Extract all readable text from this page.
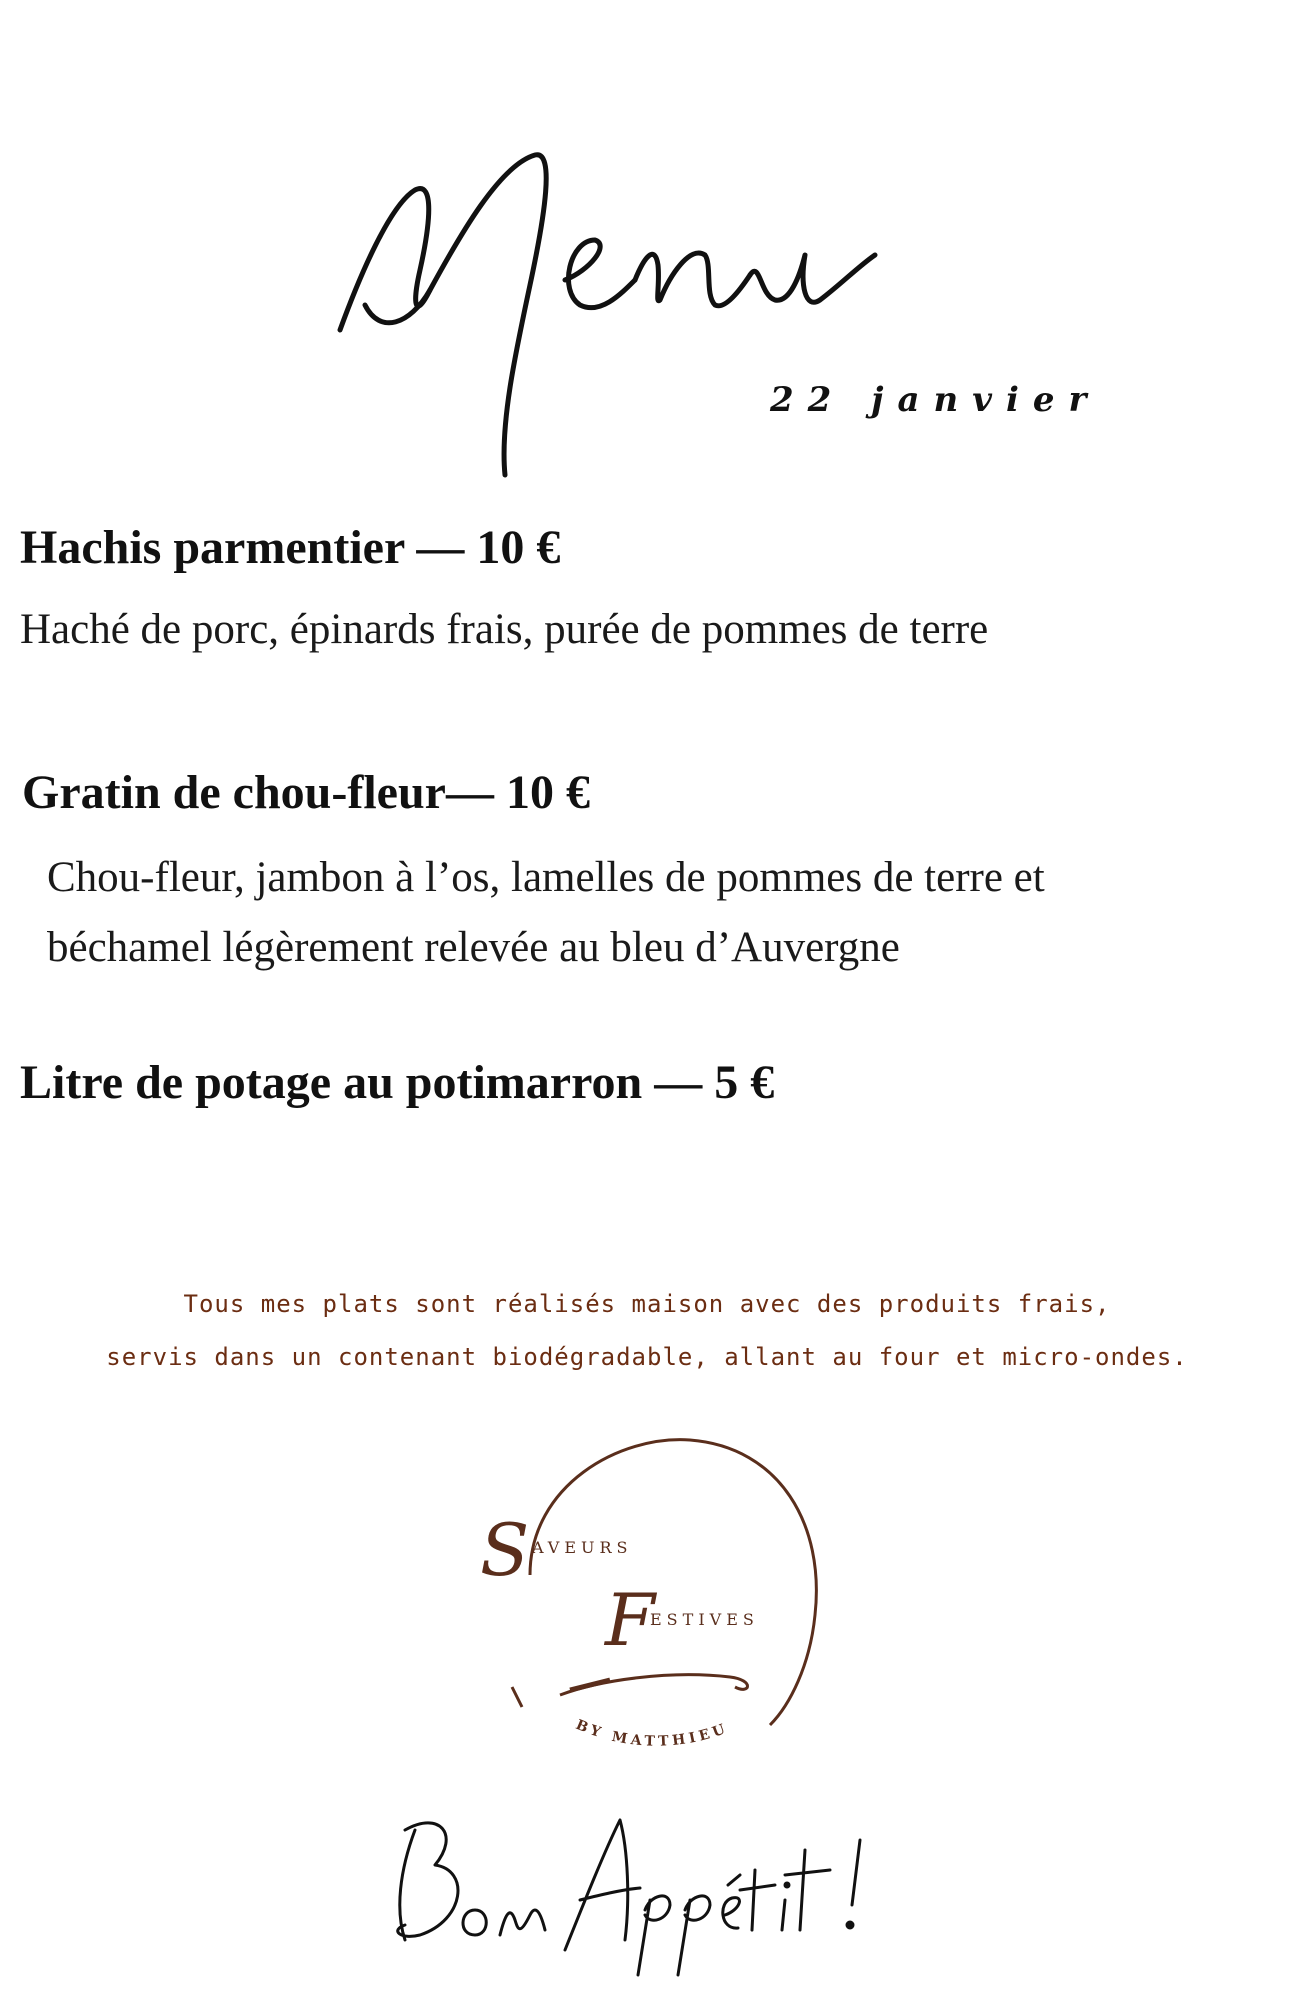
22 janvier
Hachis parmentier — 10 €
Haché de porc, épinards frais, purée de pommes de terre
Gratin de chou-fleur— 10 €
Chou-fleur, jambon à l’os, lamelles de pommes de terre et
béchamel légèrement relevée au bleu d’Auvergne
Litre de potage au potimarron — 5 €
Tous mes plats sont réalisés maison avec des produits frais,
servis dans un contenant biodégradable, allant au four et micro-ondes.
S AVEURS
F
ESTIVES
BY MATTHIEU
